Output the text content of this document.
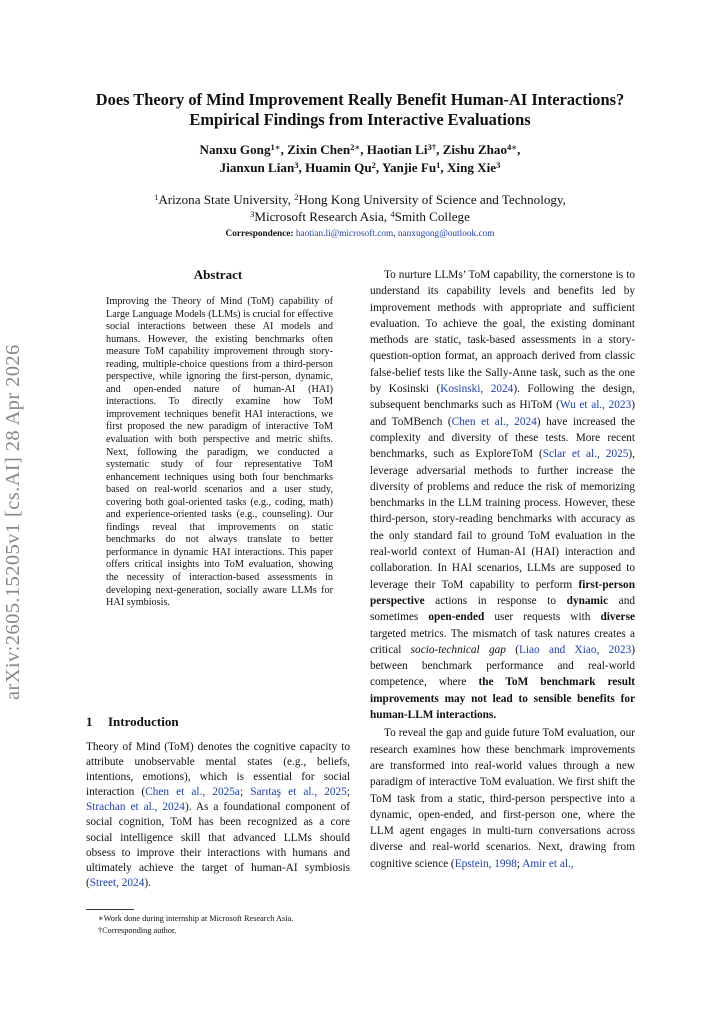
arXiv:2605.15205v1 [cs.AI] 28 Apr 2026
Does Theory of Mind Improvement Really Benefit Human-AI Interactions?
Empirical Findings from Interactive Evaluations
Nanxu Gong$^{1∗}$, Zixin Chen$^{2∗}$, Haotian $Li^{3\dagger}$, Zishu Zhao$^{4∗}$,
Jianxun Lian$^3$, Huamin Qu$^2$, Yanjie Fu$^1$, Xing Xie$^3$
$^1$Arizona State University, $^2$Hong Kong University of Science and Technology,
$^3$Microsoft Research Asia, $^4$Smith College
Correspondence: haotian.li@microsoft.com, nanxugong@outlook.com
Abstract
Improving the Theory of Mind (ToM) capability of Large Language Models (LLMs) is crucial for effective social interactions between these AI models and humans. However, the existing benchmarks often measure ToM capability improvement through story-reading, multiple-choice questions from a third-person perspective, while ignoring the first-person, dynamic, and open-ended nature of human-AI (HAI) interactions. To directly examine how ToM improvement techniques benefit HAI interactions, we first proposed the new paradigm of interactive ToM evaluation with both perspective and metric shifts. Next, following the paradigm, we conducted a systematic study of four representative ToM enhancement techniques using both four benchmarks based on real-world scenarios and a user study, covering both goal-oriented tasks (e.g., coding, math) and experience-oriented tasks (e.g., counseling). Our findings reveal that improvements on static benchmarks do not always translate to better performance in dynamic HAI interactions. This paper offers critical insights into ToM evaluation, showing the necessity of interaction-based assessments in developing next-generation, socially aware LLMs for HAI symbiosis.
1 Introduction
Theory of Mind (ToM) denotes the cognitive capacity to attribute unobservable mental states (e.g., beliefs, intentions, emotions), which is essential for social interaction (Chen et al., 2025a; Sarıtaş et al., 2025; Strachan et al., 2024). As a foundational component of social cognition, ToM has been recognized as a core social intelligence skill that advanced LLMs should obsess to improve their interactions with humans and ultimately achieve the target of human-AI symbiosis (Street, 2024).
∗Work done during internship at Microsoft Research Asia.
†Corresponding author.

To nurture LLMs’ ToM capability, the cornerstone is to understand its capability levels and benefits led by improvement methods with appropriate and sufficient evaluation. To achieve the goal, the existing dominant methods are static, task-based assessments in a story-question-option format, an approach derived from classic false-belief tests like the Sally-Anne task, such as the one by Kosinski (Kosinski, 2024). Following the design, subsequent benchmarks such as HiToM (Wu et al., 2023) and ToMBench (Chen et al., 2024) have increased the complexity and diversity of these tests. More recent benchmarks, such as ExploreToM (Sclar et al., 2025), leverage adversarial methods to further increase the diversity of problems and reduce the risk of memorizing benchmarks in the LLM training process. However, these third-person, story-reading benchmarks with accuracy as the only standard fail to ground ToM evaluation in the real-world context of Human-AI (HAI) interaction and collaboration. In HAI scenarios, LLMs are supposed to leverage their ToM capability to perform first-person perspective actions in response to dynamic and sometimes open-ended user requests with diverse targeted metrics. The mismatch of task natures creates a critical socio-technical gap (Liao and Xiao, 2023) between benchmark performance and real-world competence, where the ToM benchmark result improvements may not lead to sensible benefits for human-LLM interactions.

To reveal the gap and guide future ToM evaluation, our research examines how these benchmark improvements are transformed into real-world values through a new paradigm of interactive ToM evaluation. We first shift the ToM task from a static, third-person perspective into a dynamic, open-ended, and first-person one, where the LLM agent engages in multi-turn conversations across diverse and real-world scenarios. Next, drawing from cognitive science (Epstein, 1998; Amir et al.,
